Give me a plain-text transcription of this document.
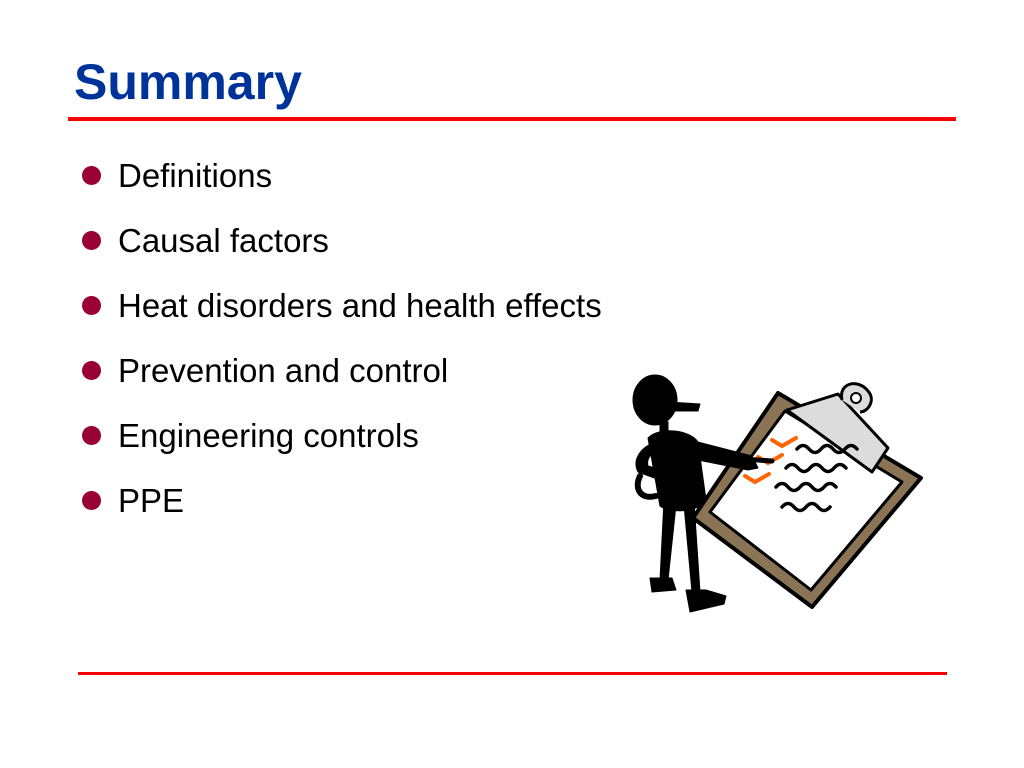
Summary
Definitions
Causal factors
Heat disorders and health effects
Prevention and control
Engineering controls
PPE
